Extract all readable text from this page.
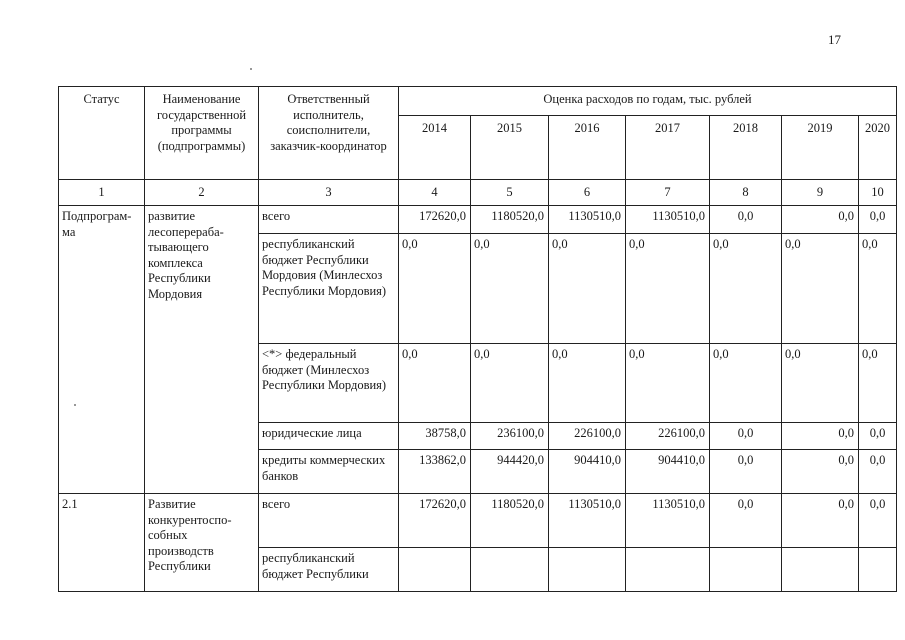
17
Статус	Наименование государственной программы (подпрограммы)	Ответственный исполнитель, соисполнители, заказчик-координатор	Оценка расходов по годам, тыс. рублей						
			2014	2015	2016	2017	2018	2019	2020
1	2	3	4	5	6	7	8	9	10
Подпрограм-ма	развитие лесоперераба-тывающего комплекса Республики Мордовия	всего	172620,0	1180520,0	1130510,0	1130510,0	0,0	0,0	0,0
		республиканский бюджет Республики Мордовия (Минлесхоз Республики Мордовия)	0,0	0,0	0,0	0,0	0,0	0,0	0,0
		<*> федеральный бюджет (Минлесхоз Республики Мордовия)	0,0	0,0	0,0	0,0	0,0	0,0	0,0
		юридические лица	38758,0	236100,0	226100,0	226100,0	0,0	0,0	0,0
		кредиты коммерческих банков	133862,0	944420,0	904410,0	904410,0	0,0	0,0	0,0
2.1	Развитие конкурентоспо-собных производств Республики	всего	172620,0	1180520,0	1130510,0	1130510,0	0,0	0,0	0,0
		республиканский бюджет Республики							
